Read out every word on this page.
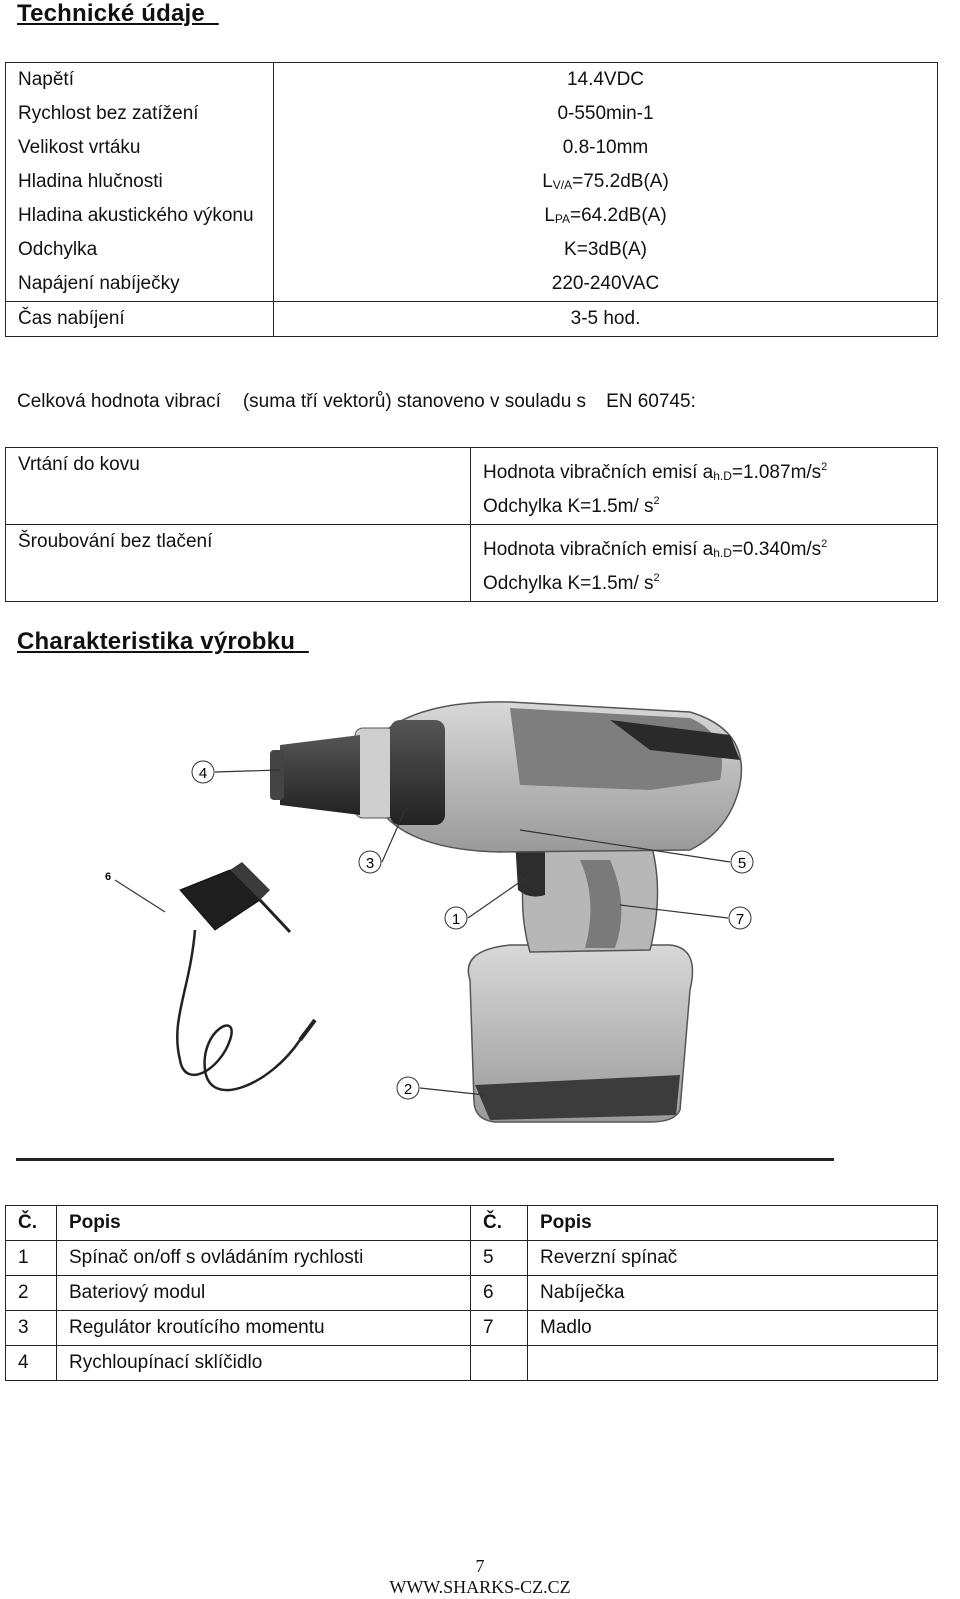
Technické údaje
Napětí	14.4VDC
Rychlost bez zatížení	0-550min-1
Velikost vrtáku	0.8-10mm
Hladina hlučnosti	$L_{V/A}=75.2dB(A)$
Hladina akustického výkonu	$L_{PA}=64.2dB(A)$
Odchylka	K=3dB(A)
Napájení nabíječky	220-240VAC
Čas nabíjení	3-5 hod.
Celková hodnota vibrací (suma tří vektorů) stanoveno v souladu s EN 60745:
Vrtání do kovu	Hodnota vibračních emisí $a_{h.D}=1.087m/s^2$
Odchylka K=1.5m/ $s^2$

Šroubování bez tlačení	Hodnota vibračních emisí $a_{h.D}=0.340m/s^2$
Odchylka K=1.5m/ $s^2$
Charakteristika výrobku
4
3
1
2
5
7
6
Č.	Popis	Č.	Popis
1	Spínač on/off s ovládáním rychlosti	5	Reverzní spínač
2	Bateriový modul	6	Nabíječka
3	Regulátor kroutícího momentu	7	Madlo
4	Rychloupínací sklíčidlo		
7
WWW.SHARKS-CZ.CZ
